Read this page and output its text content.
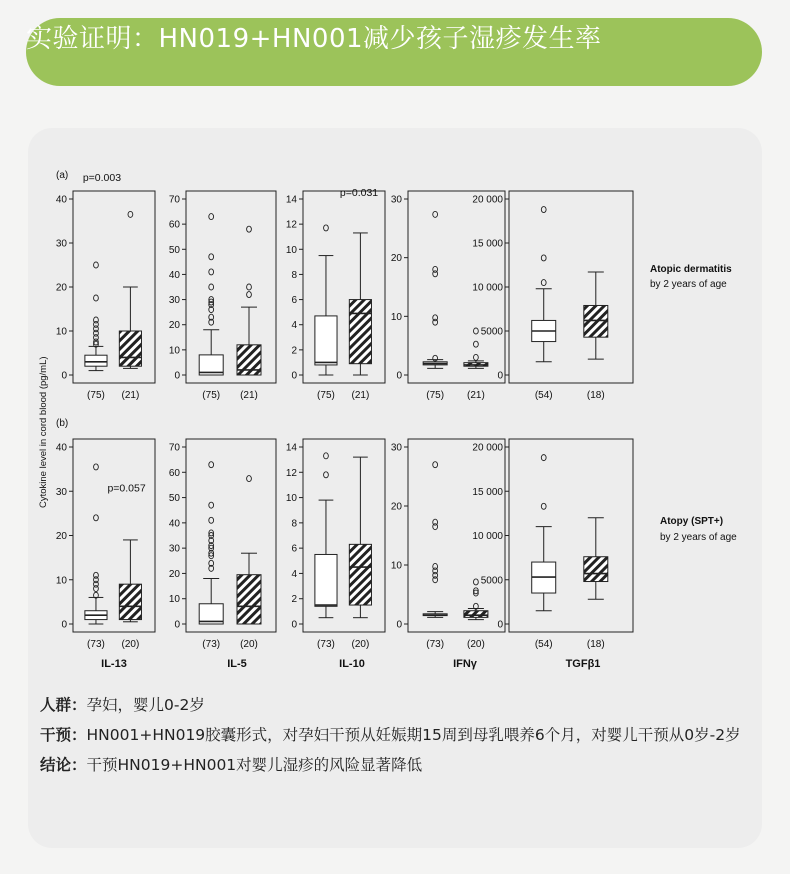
实验证明：HN019+HN001减少孩子湿疹发生率
(a)
(b)
Cytokine level in cord blood (pg/mL)
Atopic dermatitis
by 2 years of age
Atopy (SPT+)
by 2 years of age
IL-13	IL-5	IL-10	IFNγ	TGFβ1
0
10
20
30
40
(75) (21)
p=0.003
0
10
20
30
40
50
60
70
(75) (21)
0
2
4
6
8
10
12
14
(75) (21)
p=0.031
0
10
20
30
(75) (21)
0
5000
10 000
15 000
20 000
(54)	(18)
0
10
20
30
40
(73) (20)
p=0.057
0
10
20
30
40
50
60
70
(73) (20)
0
2
4
6
8
10
12
14
(73) (20)
0
10
20
30
(73) (20)
0
5000
10 000
15 000
20 000
(54)	(18)

人群：孕妇，婴儿0-2岁

干预：HN001+HN019胶囊形式，对孕妇干预从妊娠期15周到母乳喂养6个月，对婴儿干预从0岁-2岁

结论：干预HN019+HN001对婴儿湿疹的风险显著降低
